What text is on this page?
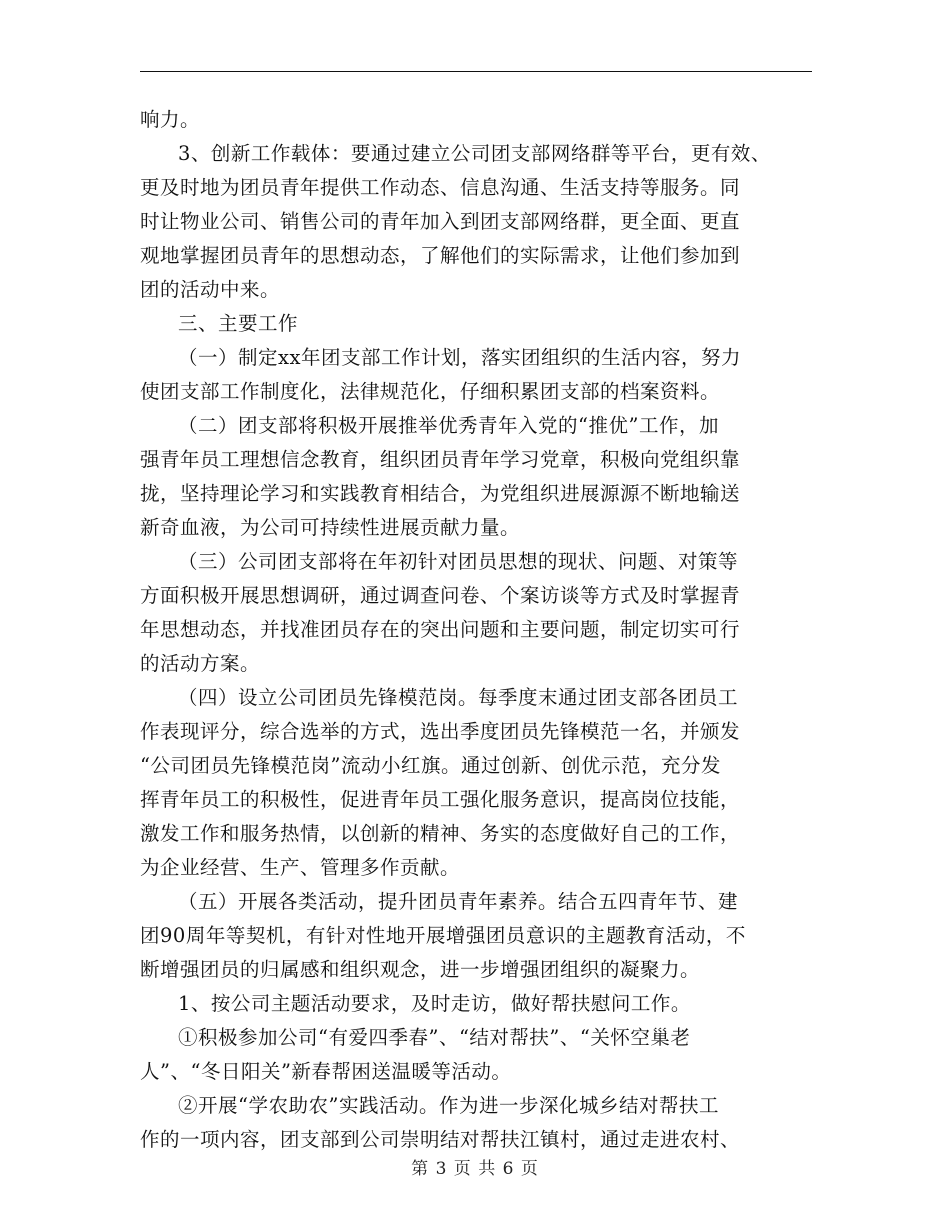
响力。
3、创新工作载体：要通过建立公司团支部网络群等平台，更有效、
更及时地为团员青年提供工作动态、信息沟通、生活支持等服务。同
时让物业公司、销售公司的青年加入到团支部网络群，更全面、更直
观地掌握团员青年的思想动态，了解他们的实际需求，让他们参加到
团的活动中来。
三、主要工作
（一）制定xx年团支部工作计划，落实团组织的生活内容，努力
使团支部工作制度化，法律规范化，仔细积累团支部的档案资料。
（二）团支部将积极开展推举优秀青年入党的“推优”工作，加
强青年员工理想信念教育，组织团员青年学习党章，积极向党组织靠
拢，坚持理论学习和实践教育相结合，为党组织进展源源不断地输送
新奇血液，为公司可持续性进展贡献力量。
（三）公司团支部将在年初针对团员思想的现状、问题、对策等
方面积极开展思想调研，通过调查问卷、个案访谈等方式及时掌握青
年思想动态，并找准团员存在的突出问题和主要问题，制定切实可行
的活动方案。
（四）设立公司团员先锋模范岗。每季度末通过团支部各团员工
作表现评分，综合选举的方式，选出季度团员先锋模范一名，并颁发
“公司团员先锋模范岗”流动小红旗。通过创新、创优示范，充分发
挥青年员工的积极性，促进青年员工强化服务意识，提高岗位技能，
激发工作和服务热情，以创新的精神、务实的态度做好自己的工作，
为企业经营、生产、管理多作贡献。
（五）开展各类活动，提升团员青年素养。结合五四青年节、建
团90周年等契机，有针对性地开展增强团员意识的主题教育活动，不
断增强团员的归属感和组织观念，进一步增强团组织的凝聚力。
1、按公司主题活动要求，及时走访，做好帮扶慰问工作。
①积极参加公司“有爱四季春”、“结对帮扶”、“关怀空巢老
人”、“冬日阳关”新春帮困送温暖等活动。
②开展“学农助农”实践活动。作为进一步深化城乡结对帮扶工
作的一项内容，团支部到公司崇明结对帮扶江镇村，通过走进农村、
第 3 页 共 6 页
